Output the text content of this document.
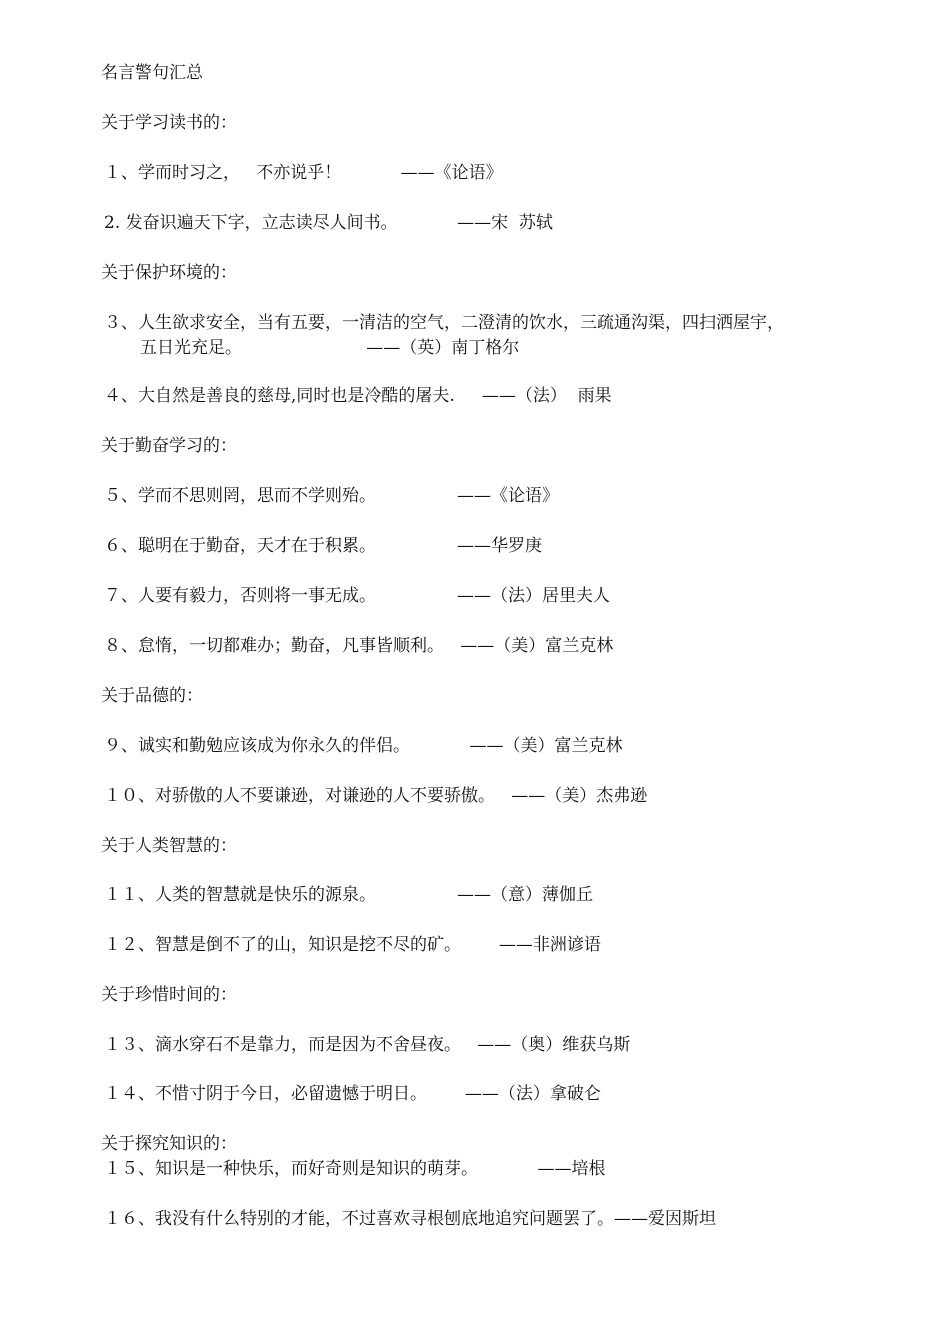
名言警句汇总

关于学习读书的：

１、学而时习之，   不亦说乎！           ——《论语》

2. 发奋识遍天下字，立志读尽人间书。           ——宋  苏轼

关于保护环境的：

３、人生欲求安全，当有五要，一清洁的空气，二澄清的饮水，三疏通沟渠，四扫洒屋宇，

五日光充足。                       ——（英）南丁格尔

４、大自然是善良的慈母,同时也是冷酷的屠夫.     ——（法）  雨果

关于勤奋学习的：

５、学而不思则罔，思而不学则殆。               ——《论语》

６、聪明在于勤奋，天才在于积累。               ——华罗庚

７、人要有毅力，否则将一事无成。               ——（法）居里夫人

８、怠惰，一切都难办；勤奋，凡事皆顺利。   ——（美）富兰克林

关于品德的：

９、诚实和勤勉应该成为你永久的伴侣。           ——（美）富兰克林

１０、对骄傲的人不要谦逊，对谦逊的人不要骄傲。   ——（美）杰弗逊

关于人类智慧的：

１１、人类的智慧就是快乐的源泉。               ——（意）薄伽丘

１２、智慧是倒不了的山，知识是挖不尽的矿。       ——非洲谚语

关于珍惜时间的：

１３、滴水穿石不是靠力，而是因为不舍昼夜。   ——（奥）维获乌斯

１４、不惜寸阴于今日，必留遗憾于明日。       ——（法）拿破仑

关于探究知识的：

１５、知识是一种快乐，而好奇则是知识的萌芽。           ——培根

１６、我没有什么特别的才能，不过喜欢寻根刨底地追究问题罢了。——爱因斯坦
